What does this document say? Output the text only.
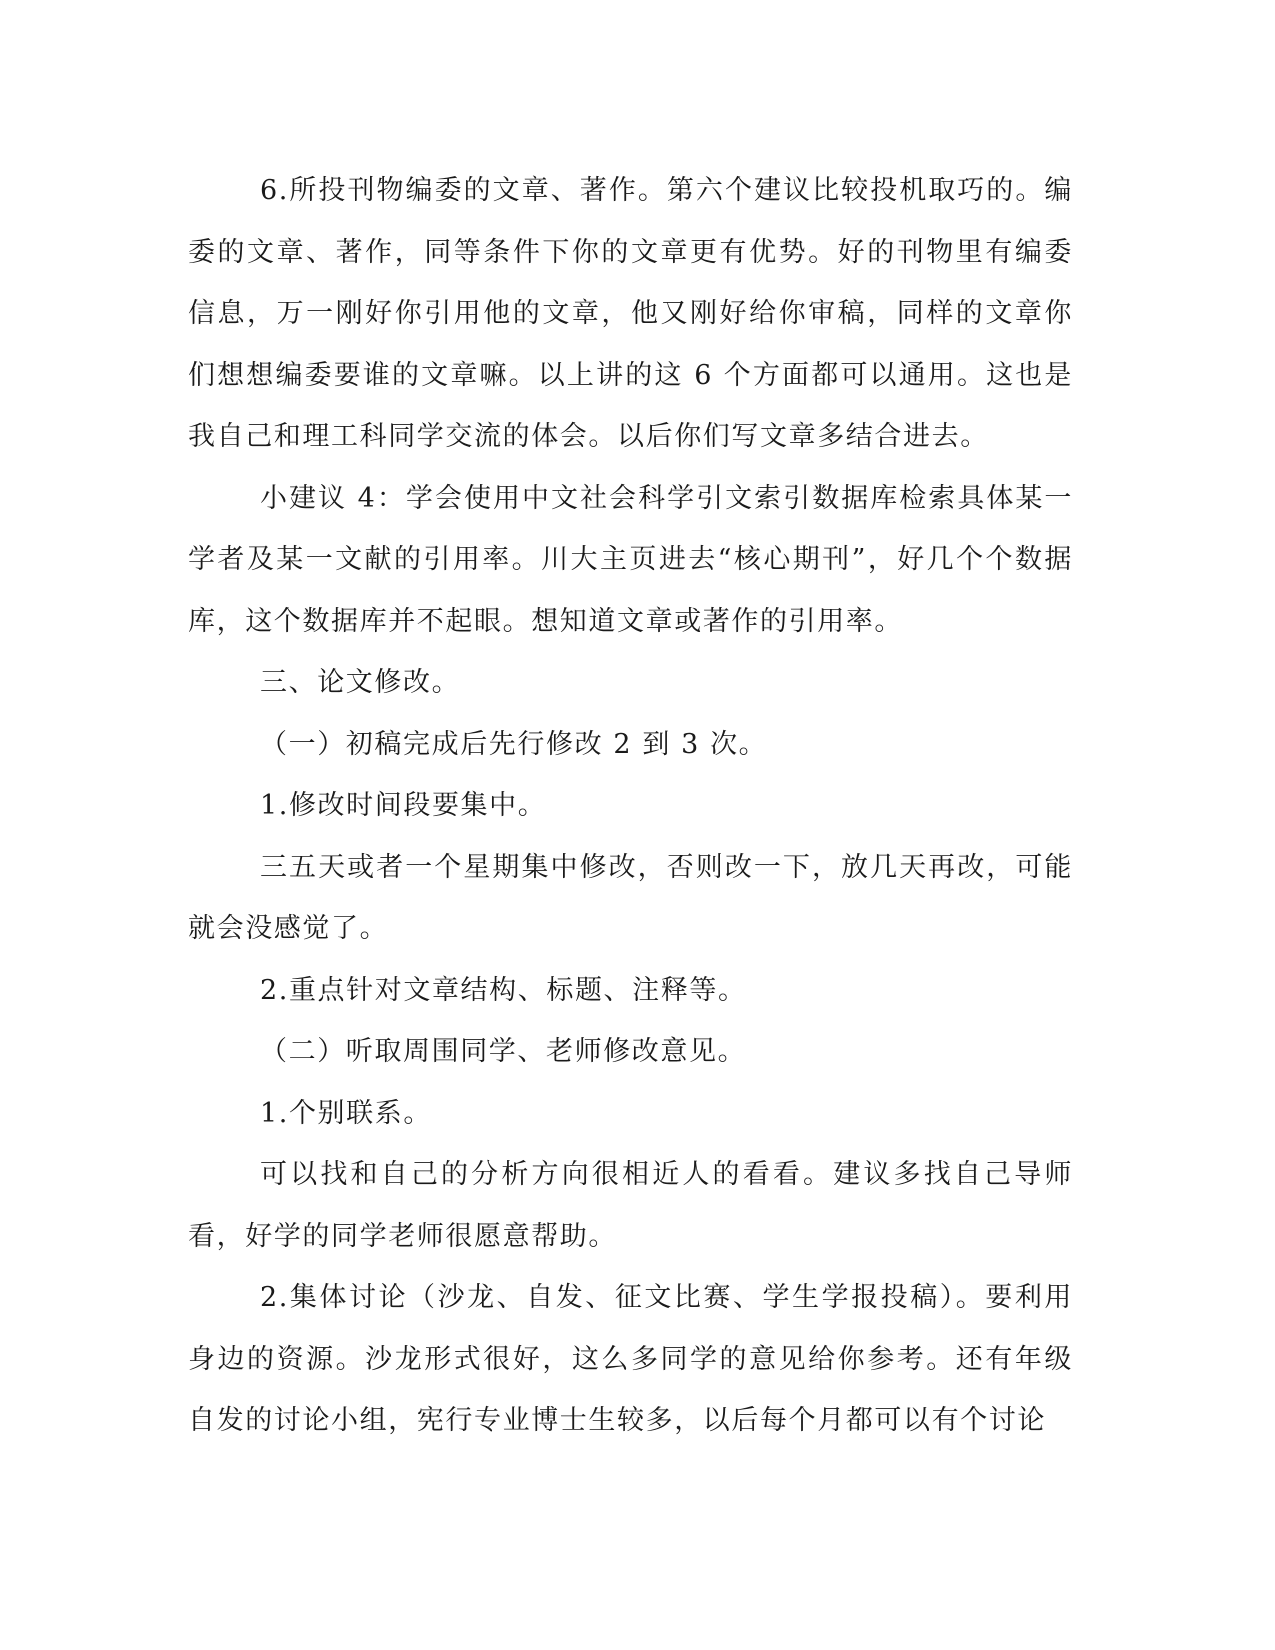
6.所投刊物编委的文章、著作。第六个建议比较投机取巧的。编委的文章、著作，同等条件下你的文章更有优势。好的刊物里有编委信息，万一刚好你引用他的文章，他又刚好给你审稿，同样的文章你们想想编委要谁的文章嘛。以上讲的这 6 个方面都可以通用。这也是我自己和理工科同学交流的体会。以后你们写文章多结合进去。

小建议 4：学会使用中文社会科学引文索引数据库检索具体某一学者及某一文献的引用率。川大主页进去“核心期刊”，好几个个数据库，这个数据库并不起眼。想知道文章或著作的引用率。

三、论文修改。

（一）初稿完成后先行修改 2 到 3 次。

1.修改时间段要集中。

三五天或者一个星期集中修改，否则改一下，放几天再改，可能就会没感觉了。

2.重点针对文章结构、标题、注释等。

（二）听取周围同学、老师修改意见。

1.个别联系。

可以找和自己的分析方向很相近人的看看。建议多找自己导师看，好学的同学老师很愿意帮助。

2.集体讨论（沙龙、自发、征文比赛、学生学报投稿）。要利用身边的资源。沙龙形式很好，这么多同学的意见给你参考。还有年级自发的讨论小组，宪行专业博士生较多，以后每个月都可以有个讨论
